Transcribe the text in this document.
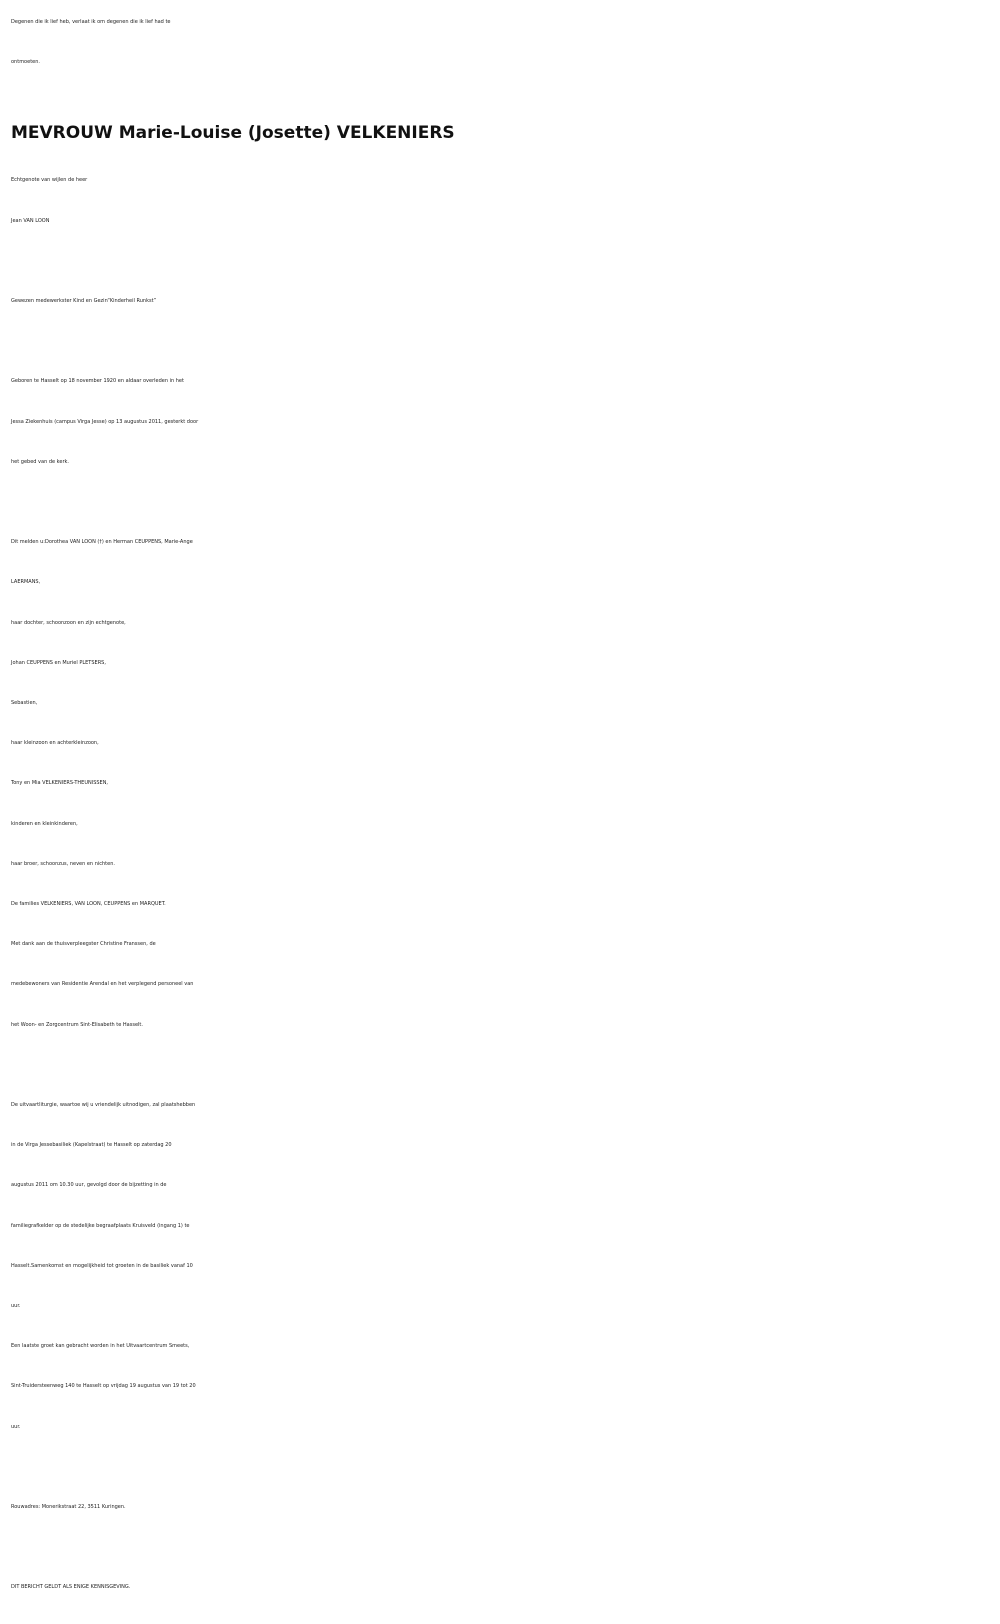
Degenen die ik lief heb, verlaat ik om degenen die ik lief had te

ontmoeten.

MEVROUW Marie-Louise (Josette) VELKENIERS

Echtgenote van wijlen de heer

Jean VAN LOON

Gewezen medewerkster Kind en Gezin“Kinderheil Runkst”

Geboren te Hasselt op 18 november 1920 en aldaar overleden in het

Jessa Ziekenhuis (campus Virga Jesse) op 13 augustus 2011, gesterkt door

het gebed van de kerk.

Dit melden u:Dorothea VAN LOON (†) en Herman CEUPPENS, Marie-Ange

LAERMANS,

haar dochter, schoonzoon en zijn echtgenote,

Johan CEUPPENS en Muriel PLETSERS,

Sebastien,

haar kleinzoon en achterkleinzoon,

Tony en Mia VELKENIERS-THEUNISSEN,

kinderen en kleinkinderen,

haar broer, schoonzus, neven en nichten.

De families VELKENIERS, VAN LOON, CEUPPENS en MARQUET.

Met dank aan de thuisverpleegster Christine Franssen, de

medebewoners van Residentie Arendal en het verplegend personeel van

het Woon- en Zorgcentrum Sint-Elisabeth te Hasselt.

De uitvaartliturgie, waartoe wij u vriendelijk uitnodigen, zal plaatshebben

in de Virga Jessebasiliek (Kapelstraat) te Hasselt op zaterdag 20

augustus 2011 om 10.30 uur, gevolgd door de bijzetting in de

familiegrafkelder op de stedelijke begraafplaats Kruisveld (ingang 1) te

Hasselt.Samenkomst en mogelijkheid tot groeten in de basiliek vanaf 10

uur.

Een laatste groet kan gebracht worden in het Uitvaartcentrum Smeets,

Sint-Truidersteenweg 140 te Hasselt op vrijdag 19 augustus van 19 tot 20

uur.

Rouwadres: Monerikstraat 22, 3511 Kuringen.

DIT BERICHT GELDT ALS ENIGE KENNISGEVING.
